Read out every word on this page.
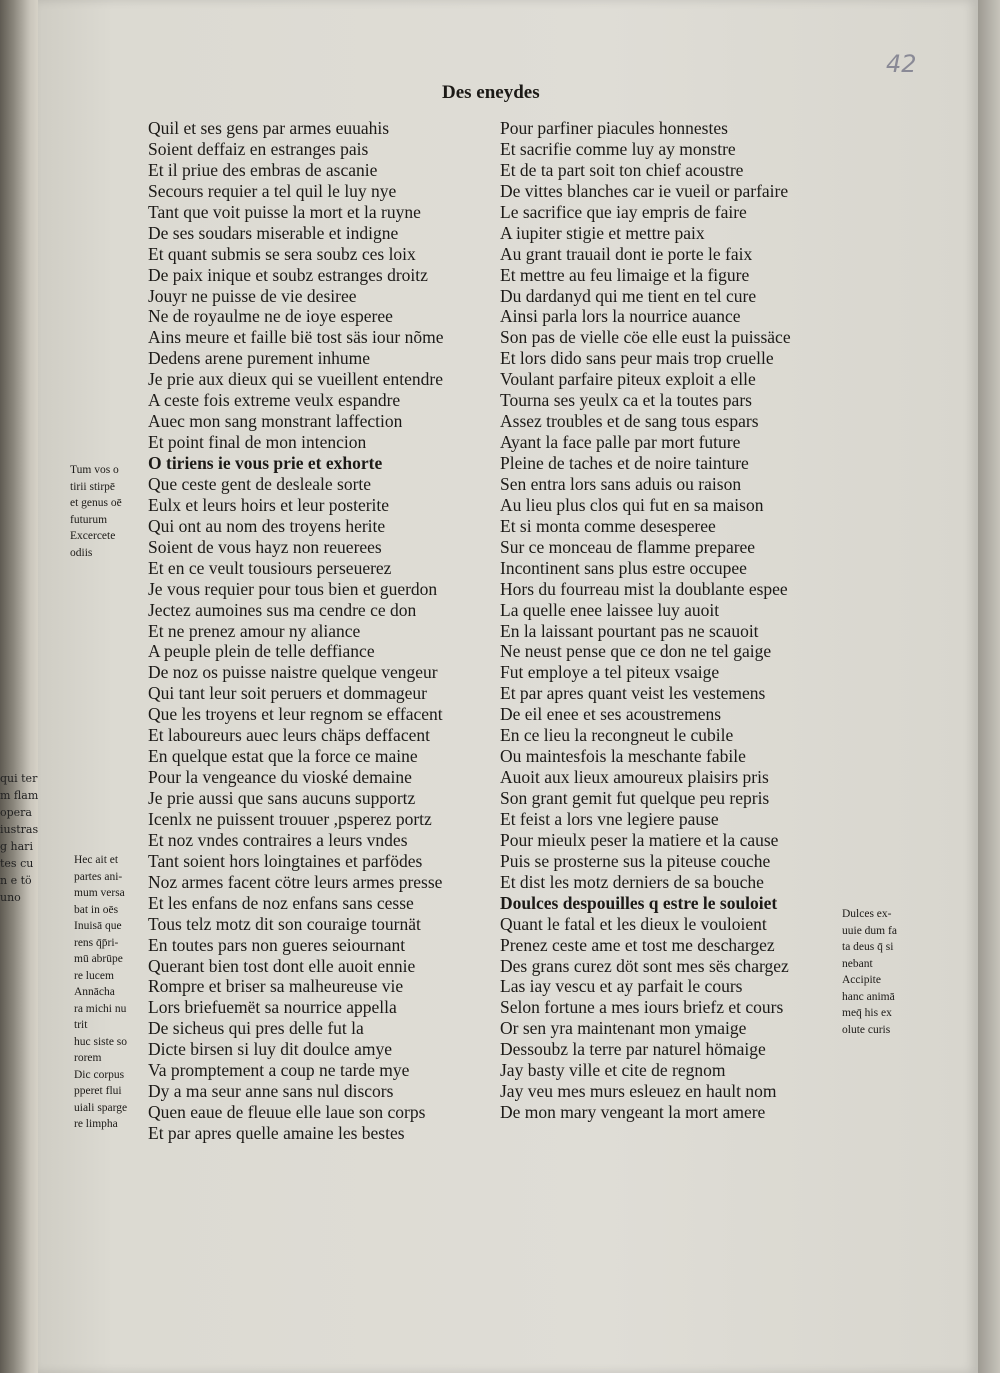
qui ter
m flam
opera
iustras
g hari
tes cu
n e tö
uno
42
Des eneydes
Quil et ses gens par armes euuahis
Soient deffaiz en estranges pais
Et il priue des embras de ascanie
Secours requier a tel quil le luy nye
Tant que voit puisse la mort et la ruyne
De ses soudars miserable et indigne
Et quant submis se sera soubz ces loix
De paix inique et soubz estranges droitz
Jouyr ne puisse de vie desiree
Ne de royaulme ne de ioye esperee
Ains meure et faille bië tost säs iour nõme
Dedens arene purement inhume
Je prie aux dieux qui se vueillent entendre
A ceste fois extreme veulx espandre
Auec mon sang monstrant laffection
Et point final de mon intencion
O tiriens ie vous prie et exhorte
Que ceste gent de desleale sorte
Eulx et leurs hoirs et leur posterite
Qui ont au nom des troyens herite
Soient de vous hayz non reuerees
Et en ce veult tousiours perseuerez
Je vous requier pour tous bien et guerdon
Jectez aumoines sus ma cendre ce don
Et ne prenez amour ny aliance
A peuple plein de telle deffiance
De noz os puisse naistre quelque vengeur
Qui tant leur soit peruers et dommageur
Que les troyens et leur regnom se effacent
Et laboureurs auec leurs chäps deffacent
En quelque estat que la force ce maine
Pour la vengeance du vioské demaine
Je prie aussi que sans aucuns supportz
Icenlx ne puissent trouuer ,psperez portz
Et noz vndes contraires a leurs vndes
Tant soient hors loingtaines et parfödes
Noz armes facent cötre leurs armes presse
Et les enfans de noz enfans sans cesse
Tous telz motz dit son couraige tournät
En toutes pars non gueres seiournant
Querant bien tost dont elle auoit ennie
Rompre et briser sa malheureuse vie
Lors briefuemët sa nourrice appella
De sicheus qui pres delle fut la
Dicte birsen si luy dit doulce amye
Va promptement a coup ne tarde mye
Dy a ma seur anne sans nul discors
Quen eaue de fleuue elle laue son corps
Et par apres quelle amaine les bestes
Pour parfiner piacules honnestes
Et sacrifie comme luy ay monstre
Et de ta part soit ton chief acoustre
De vittes blanches car ie vueil or parfaire
Le sacrifice que iay empris de faire
A iupiter stigie et mettre paix
Au grant trauail dont ie porte le faix
Et mettre au feu limaige et la figure
Du dardanyd qui me tient en tel cure
Ainsi parla lors la nourrice auance
Son pas de vielle cöe elle eust la puissäce
Et lors dido sans peur mais trop cruelle
Voulant parfaire piteux exploit a elle
Tourna ses yeulx ca et la toutes pars
Assez troubles et de sang tous espars
Ayant la face palle par mort future
Pleine de taches et de noire tainture
Sen entra lors sans aduis ou raison
Au lieu plus clos qui fut en sa maison
Et si monta comme desesperee
Sur ce monceau de flamme preparee
Incontinent sans plus estre occupee
Hors du fourreau mist la doublante espee
La quelle enee laissee luy auoit
En la laissant pourtant pas ne scauoit
Ne neust pense que ce don ne tel gaige
Fut employe a tel piteux vsaige
Et par apres quant veist les vestemens
De eil enee et ses acoustremens
En ce lieu la recongneut le cubile
Ou maintesfois la meschante fabile
Auoit aux lieux amoureux plaisirs pris
Son grant gemit fut quelque peu repris
Et feist a lors vne legiere pause
Pour mieulx peser la matiere et la cause
Puis se prosterne sus la piteuse couche
Et dist les motz derniers de sa bouche
Doulces despouilles q estre le souloiet
Quant le fatal et les dieux le vouloient
Prenez ceste ame et tost me deschargez
Des grans curez döt sont mes sës chargez
Las iay vescu et ay parfait le cours
Selon fortune a mes iours briefz et cours
Or sen yra maintenant mon ymaige
Dessoubz la terre par naturel hömaige
Jay basty ville et cite de regnom
Jay veu mes murs esleuez en hault nom
De mon mary vengeant la mort amere
Tum vos o
tirii stirpē
et genus oē
futurum
Excercete
odiis
Hec ait et
partes ani-
mum versa
bat in oēs
Inuisā que
rens q̄p̄ri-
mū abrūpe
re lucem
Annācha
ra michi nu
trit
huc siste so
rorem
Dic corpus
pperet flui
uiali sparge
re limpha
Dulces ex-
uuie dum fa
ta deus q̄ si
nebant
Accipite
hanc animā
meq̄ his ex
olute curis
